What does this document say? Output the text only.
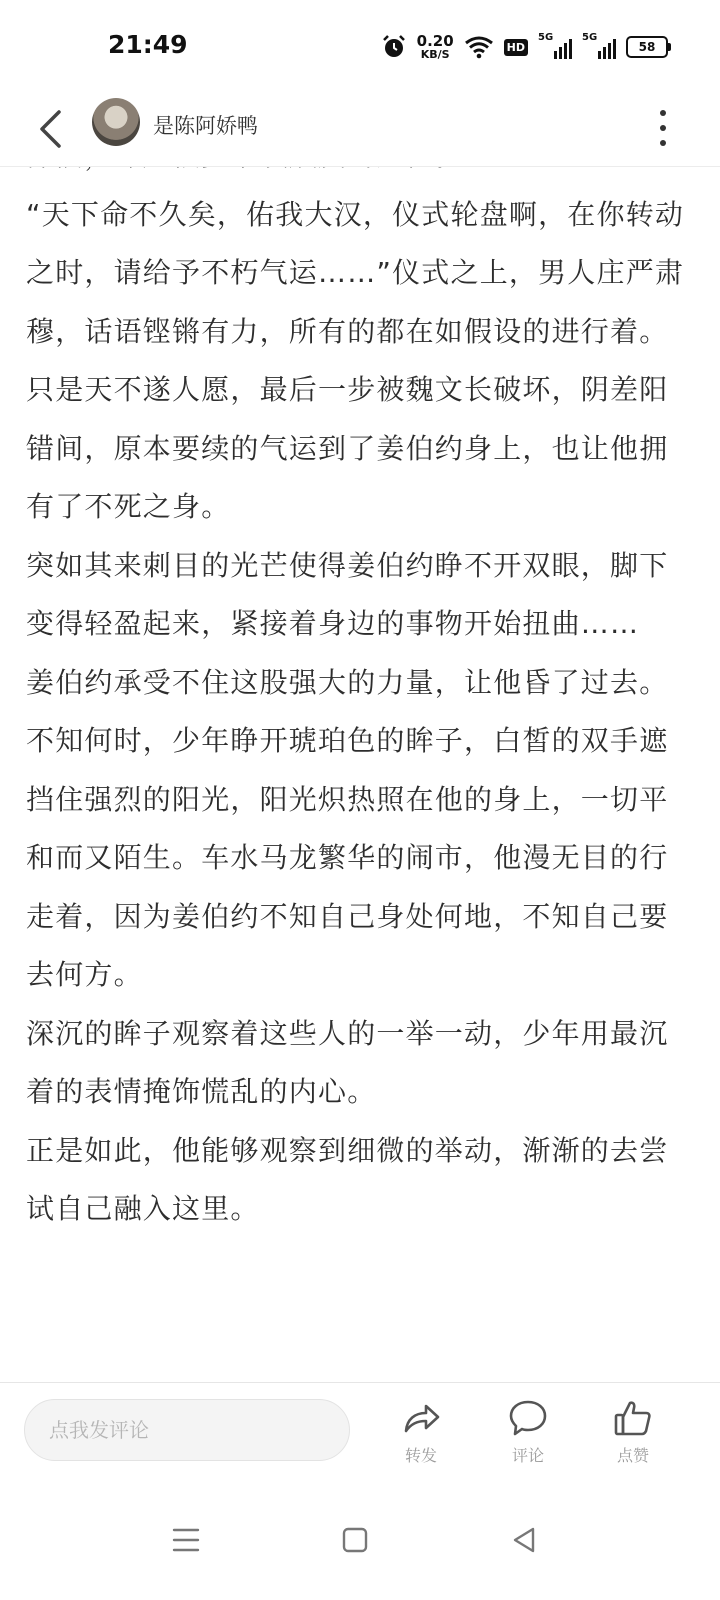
21:49	0.20
KB/S
HD
5G	5G
58
是陈阿娇鸭

“天下命不久矣，佑我大汉，仪式轮盘啊，在你转动之时，请给予不朽气运……”仪式之上，男人庄严肃穆，话语铿锵有力，所有的都在如假设的进行着。只是天不遂人愿，最后一步被魏文长破坏，阴差阳错间，原本要续的气运到了姜伯约身上，也让他拥有了不死之身。

突如其来刺目的光芒使得姜伯约睁不开双眼，脚下变得轻盈起来，紧接着身边的事物开始扭曲……

姜伯约承受不住这股强大的力量，让他昏了过去。

不知何时，少年睁开琥珀色的眸子，白皙的双手遮挡住强烈的阳光，阳光炽热照在他的身上，一切平和而又陌生。车水马龙繁华的闹市，他漫无目的行走着，因为姜伯约不知自己身处何地，不知自己要去何方。

深沉的眸子观察着这些人的一举一动，少年用最沉着的表情掩饰慌乱的内心。

正是如此，他能够观察到细微的举动，渐渐的去尝试自己融入这里。

点我发评论
转发	评论	点赞
